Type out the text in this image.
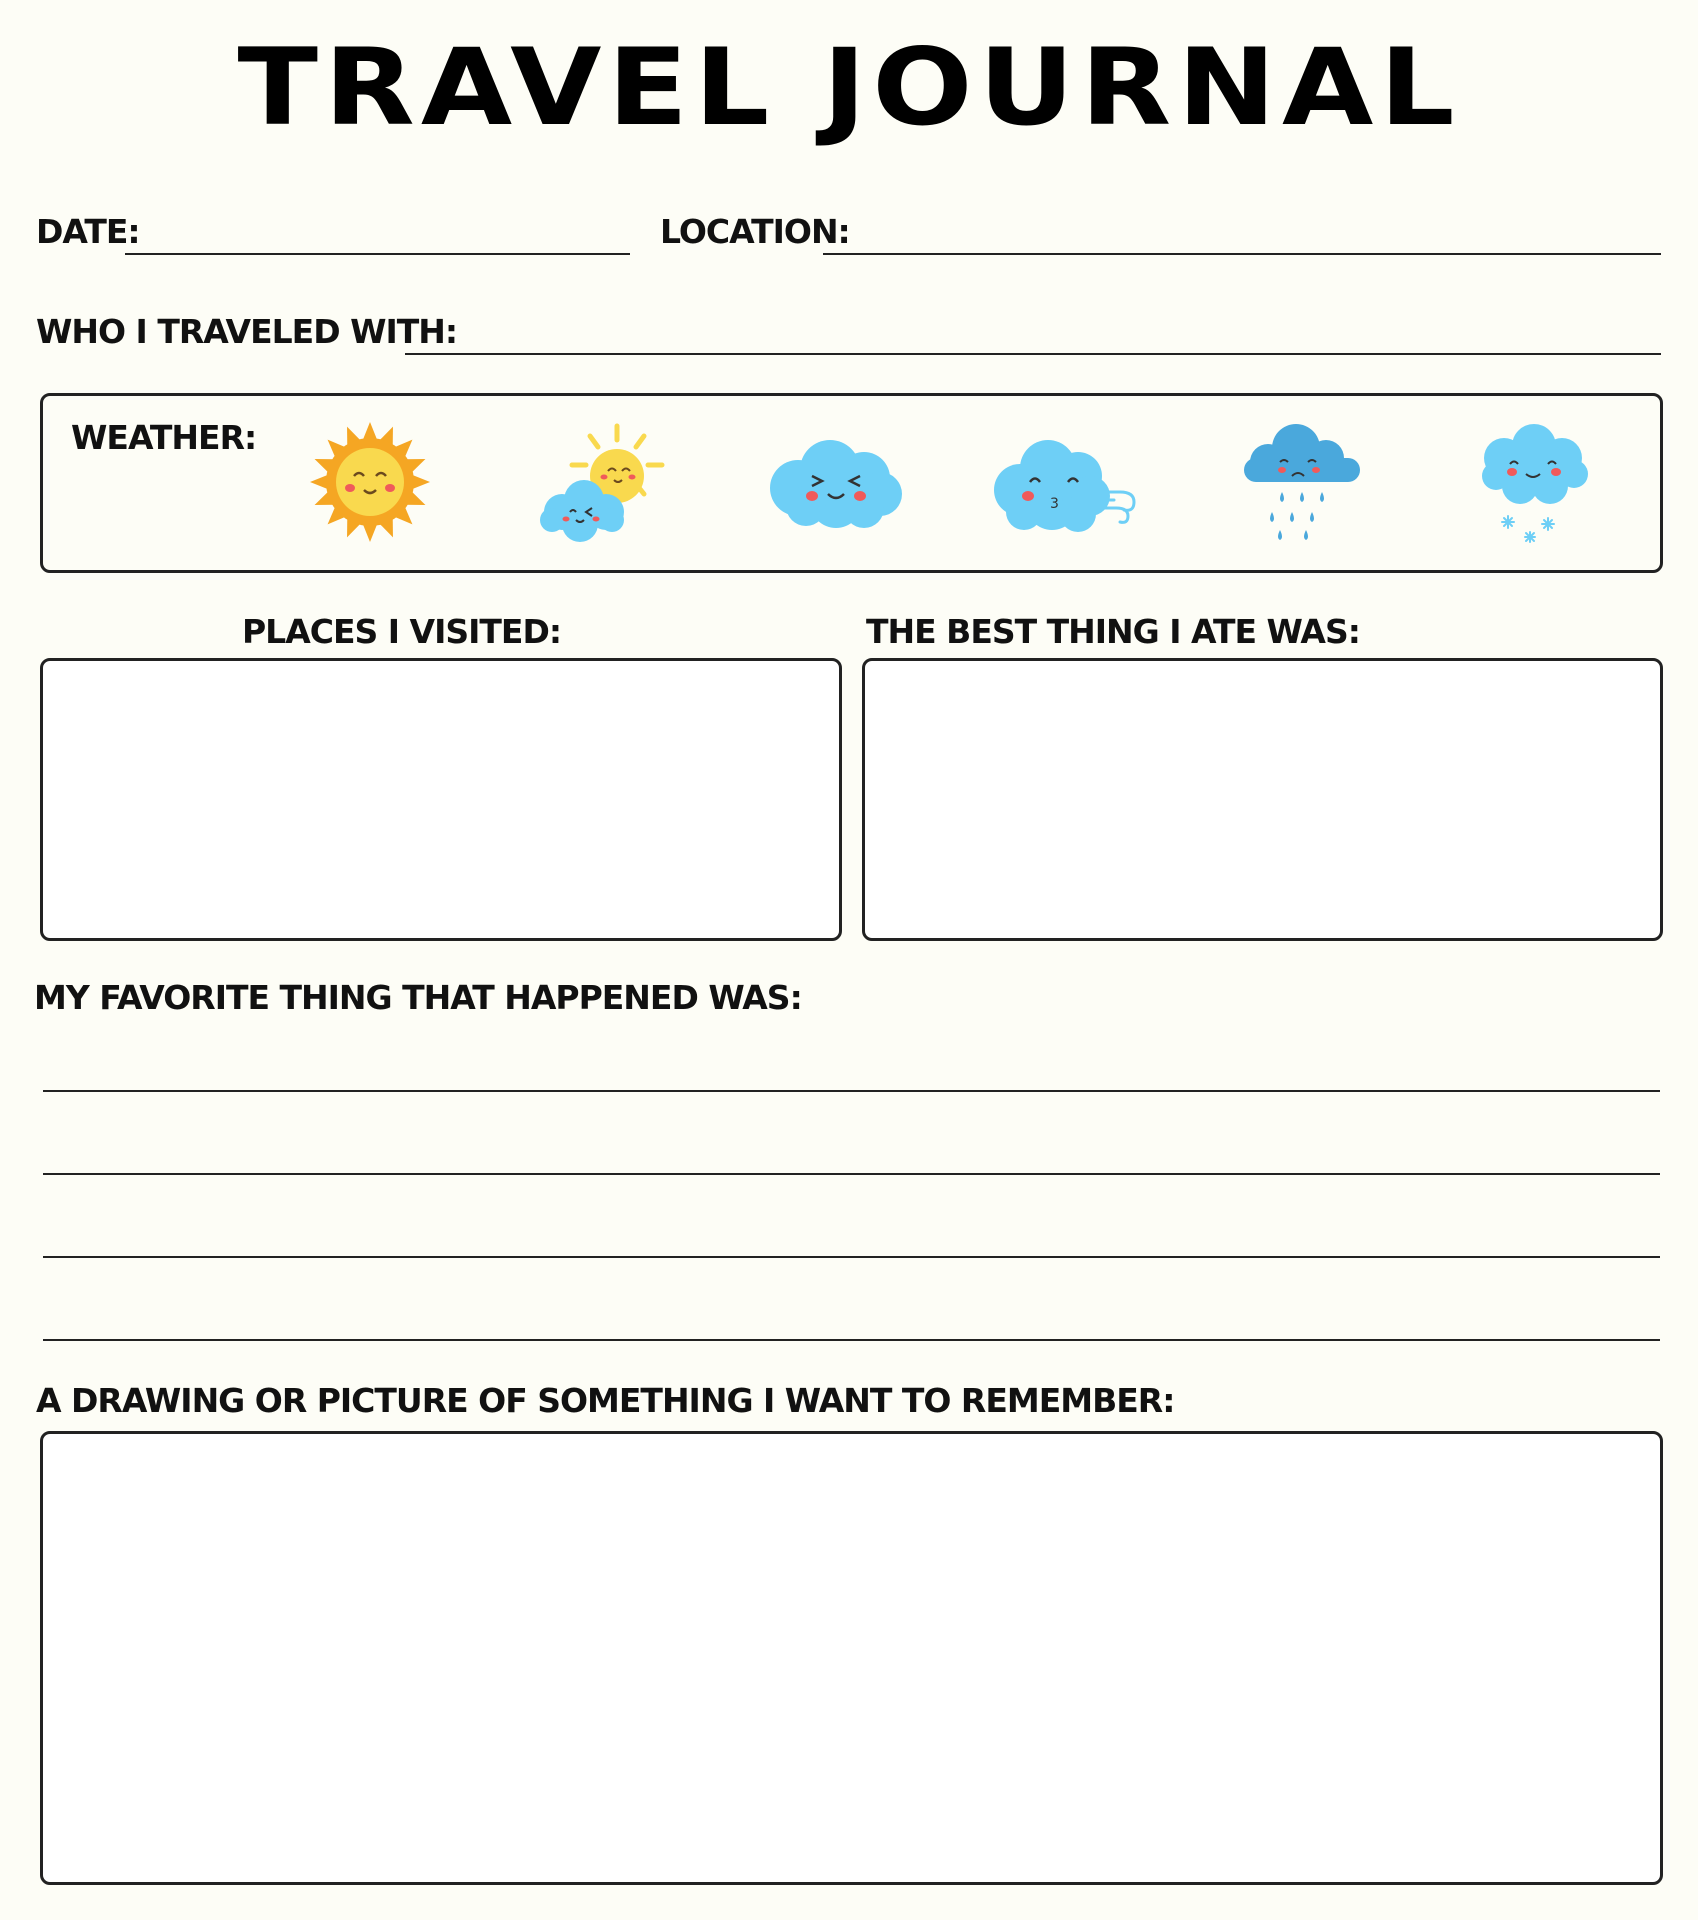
TRAVEL JOURNAL
DATE:	LOCATION:
WHO I TRAVELED WITH:
WEATHER:
3
PLACES I VISITED:	THE BEST THING I ATE WAS:
MY FAVORITE THING THAT HAPPENED WAS:
A DRAWING OR PICTURE OF SOMETHING I WANT TO REMEMBER:
